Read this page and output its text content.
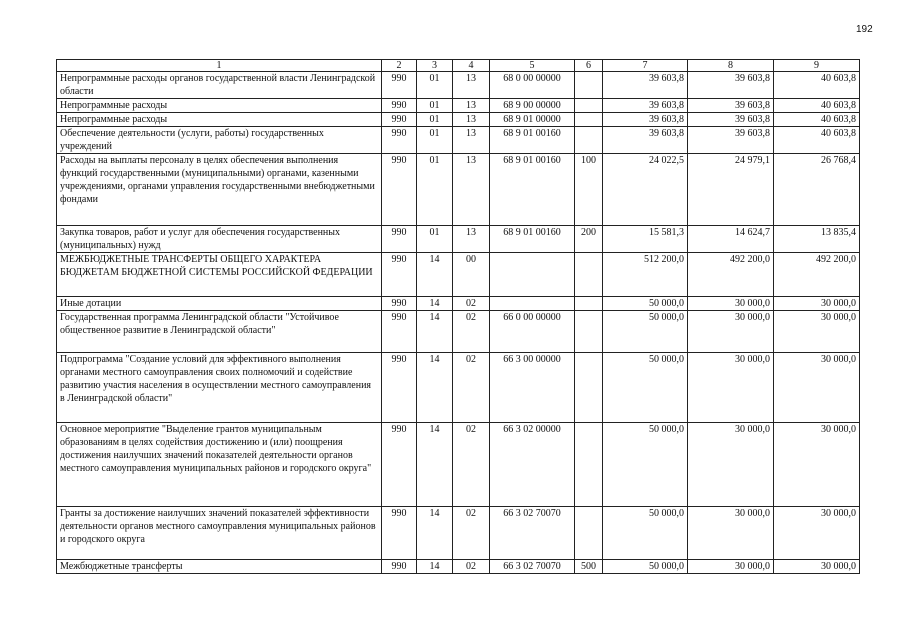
192
1	2	3	4	5	6	7	8	9
Непрограммные расходы органов государственной власти Ленинградской области	990	01	13	68 0 00 00000		39 603,8	39 603,8	40 603,8
Непрограммные расходы	990	01	13	68 9 00 00000		39 603,8	39 603,8	40 603,8
Непрограммные расходы	990	01	13	68 9 01 00000		39 603,8	39 603,8	40 603,8
Обеспечение деятельности (услуги, работы) государственных учреждений	990	01	13	68 9 01 00160		39 603,8	39 603,8	40 603,8
Расходы на выплаты персоналу в целях обеспечения выполнения функций государственными (муниципальными) органами, казенными учреждениями, органами управления государственными внебюджетными фондами	990	01	13	68 9 01 00160	100	24 022,5	24 979,1	26 768,4
Закупка товаров, работ и услуг для обеспечения государственных (муниципальных) нужд	990	01	13	68 9 01 00160	200	15 581,3	14 624,7	13 835,4
МЕЖБЮДЖЕТНЫЕ ТРАНСФЕРТЫ ОБЩЕГО ХАРАКТЕРА БЮДЖЕТАМ БЮДЖЕТНОЙ СИСТЕМЫ РОССИЙСКОЙ ФЕДЕРАЦИИ	990	14	00			512 200,0	492 200,0	492 200,0
Иные дотации	990	14	02			50 000,0	30 000,0	30 000,0
Государственная программа Ленинградской области "Устойчивое общественное развитие в Ленинградской области"	990	14	02	66 0 00 00000		50 000,0	30 000,0	30 000,0
Подпрограмма "Создание условий для эффективного выполнения органами местного самоуправления своих полномочий и содействие развитию участия населения в осуществлении местного самоуправления в Ленинградской области"	990	14	02	66 3 00 00000		50 000,0	30 000,0	30 000,0
Основное мероприятие "Выделение грантов муниципальным образованиям в целях содействия достижению и (или) поощрения достижения наилучших значений показателей деятельности органов местного самоуправления муниципальных районов и городского округа"	990	14	02	66 3 02 00000		50 000,0	30 000,0	30 000,0
Гранты за достижение наилучших значений показателей эффективности деятельности органов местного самоуправления муниципальных районов и городского округа	990	14	02	66 3 02 70070		50 000,0	30 000,0	30 000,0
Межбюджетные трансферты	990	14	02	66 3 02 70070	500	50 000,0	30 000,0	30 000,0
